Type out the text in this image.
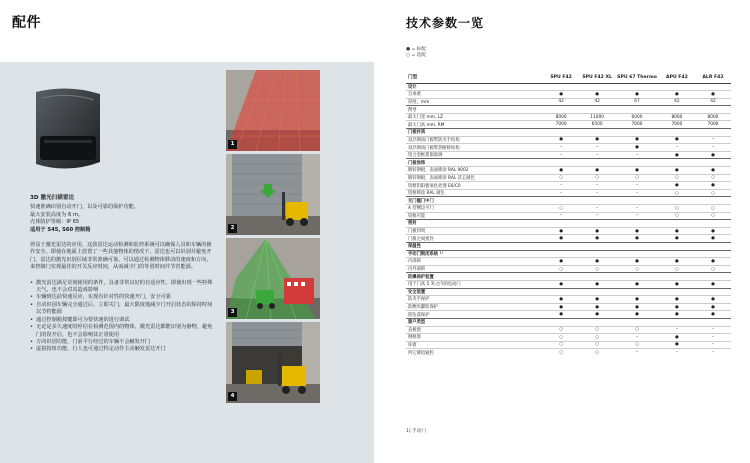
配件
1
2
3
4

3D 激光扫描雷达

快速准确识别自动开门，以及可靠的保护功能。

最大安装高度为 6 m。

壳体防护等级：IP 65

适用于 S45, S60 控制箱

得益于激光雷达的应用，这款雷达运动检测和监控系统可以确保人员和车辆的操作安全。即使在地面上放置了一些其他物体的情况下，雷达也可以识别并避免开门。雷达的激光识别区域非常准确可靠，可以通过检测物体移动的速度和方向，来控制门实现最佳的开关反应时间，从而减少门的等留时间并节省能源。

• 激光雷达满足苛刻使用的条件，具备非常良好的自适应性，即使出现一些特殊天气，也不会对其造成影响
• 车辆到达前快速反应，实现有针对性的快速开门，安全可靠
• 自动识别车辆完全通过后，立即关门，最大限度地减少门开启状态的保持时间以节约能源
• 通过控制箱按键即可为要快速的进行调试
• 无论是多久速度时停信在检测范围内的物体，激光雷达都能识别为静物，避免门的误开启，也不会影响其正常使用
• 方向识别功能，门前平行经过的车辆不会触发开门
• 虚拟按钮功能，行人也可通过特定动作主动触发雷达开门
技术参数一览
● = 标配
○ = 选配
门型	SPU F42	SPU F42 XL	SPU 67 Thermo	APU F42	ALR F42
设计					
自承重	●	●	●	●	●
厚度，mm	42	42	67	42	42
尺寸					
最大门宽 mm, LZ	8000	11000	6000	8000	8000
最大门高 mm, RM	7000	6500	7000	7000	7000
门板材质					
双层钢质门板带防夹手结构	●	●	●	●	–
双层钢质门板带热断桥结构	–	–	●	–	–
铝合金框架嵌玻璃	–	–	–	●	●
门板涂饰					
镀锌钢板，表面喷涂 RAL 9002	●	●	●	●	●
镀锌钢板，表面喷涂 RAL 其它颜色	○	○	○	○	○
铝框铝阳极氧化处理 E6/C0	–	–	–	●	●
铝框喷涂 RAL 颜色	–	–	–	○	○
无门槛门中门					
A 型侧边可门	○	–	–	○	○
铝框可能	–	–	–	○	○
密封					
门板四周	●	●	●	●	●
门板之间密封	●	●	●	●	●
保温性					
手动门锁闭系统 ¹⁾					
内部锁	●	●	●	●	●
内外部锁	○	○	○	○	○
防爆保护装置					
用于门高 5 米之内的电动门	●	●	●	●	●
安全装置					
防夹手保护	●	●	●	●	●
防侧夹脚防保护	●	●	●	●	●
防坠落保护	●	●	●	●	●
窗户类型					
直板窗	○	○	○	–	–
钢框窗	○	○	–	●	–
环窗	○	○	○	●	–
所它镀铝通腔	○	○	–	–	–
1) 手动门
